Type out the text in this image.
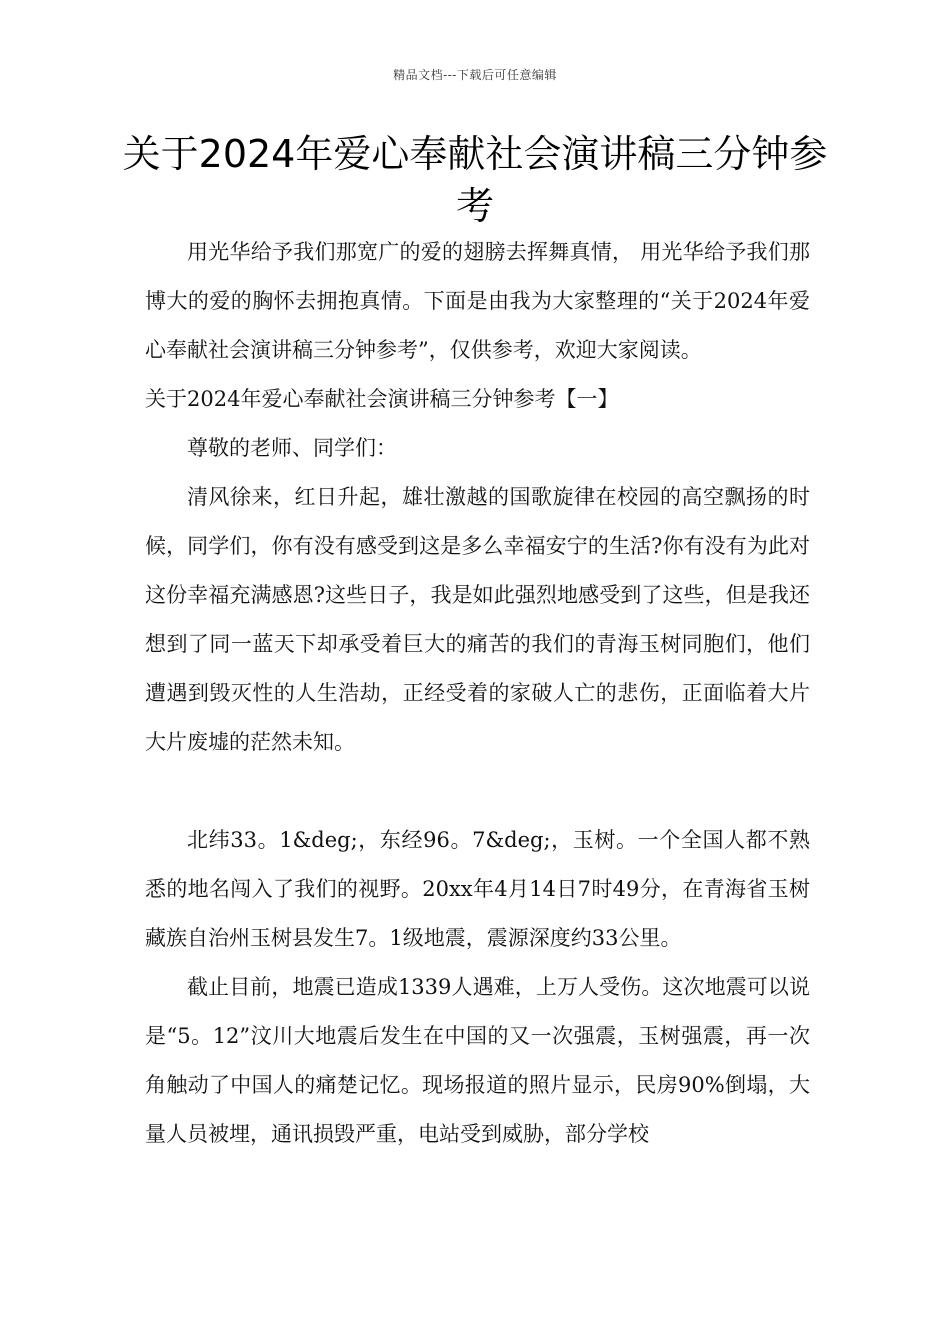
精品文档---下载后可任意编辑
关于2024年爱心奉献社会演讲稿三分钟参考

用光华给予我们那宽广的爱的翅膀去挥舞真情， 用光华给予我们那博大的爱的胸怀去拥抱真情。下面是由我为大家整理的“关于2024年爱心奉献社会演讲稿三分钟参考”，仅供参考，欢迎大家阅读。

关于2024年爱心奉献社会演讲稿三分钟参考【一】

尊敬的老师、同学们：

清风徐来，红日升起，雄壮激越的国歌旋律在校园的高空飘扬的时候，同学们，你有没有感受到这是多么幸福安宁的生活?你有没有为此对这份幸福充满感恩?这些日子，我是如此强烈地感受到了这些，但是我还想到了同一蓝天下却承受着巨大的痛苦的我们的青海玉树同胞们，他们遭遇到毁灭性的人生浩劫，正经受着的家破人亡的悲伤，正面临着大片大片废墟的茫然未知。

北纬33。1&deg;，东经96。7&deg;，玉树。一个全国人都不熟悉的地名闯入了我们的视野。20xx年4月14日7时49分，在青海省玉树藏族自治州玉树县发生7。1级地震，震源深度约33公里。

截止目前，地震已造成1339人遇难，上万人受伤。这次地震可以说是“5。12”汶川大地震后发生在中国的又一次强震，玉树强震，再一次角触动了中国人的痛楚记忆。现场报道的照片显示，民房90%倒塌，大量人员被埋，通讯损毁严重，电站受到威胁，部分学校
